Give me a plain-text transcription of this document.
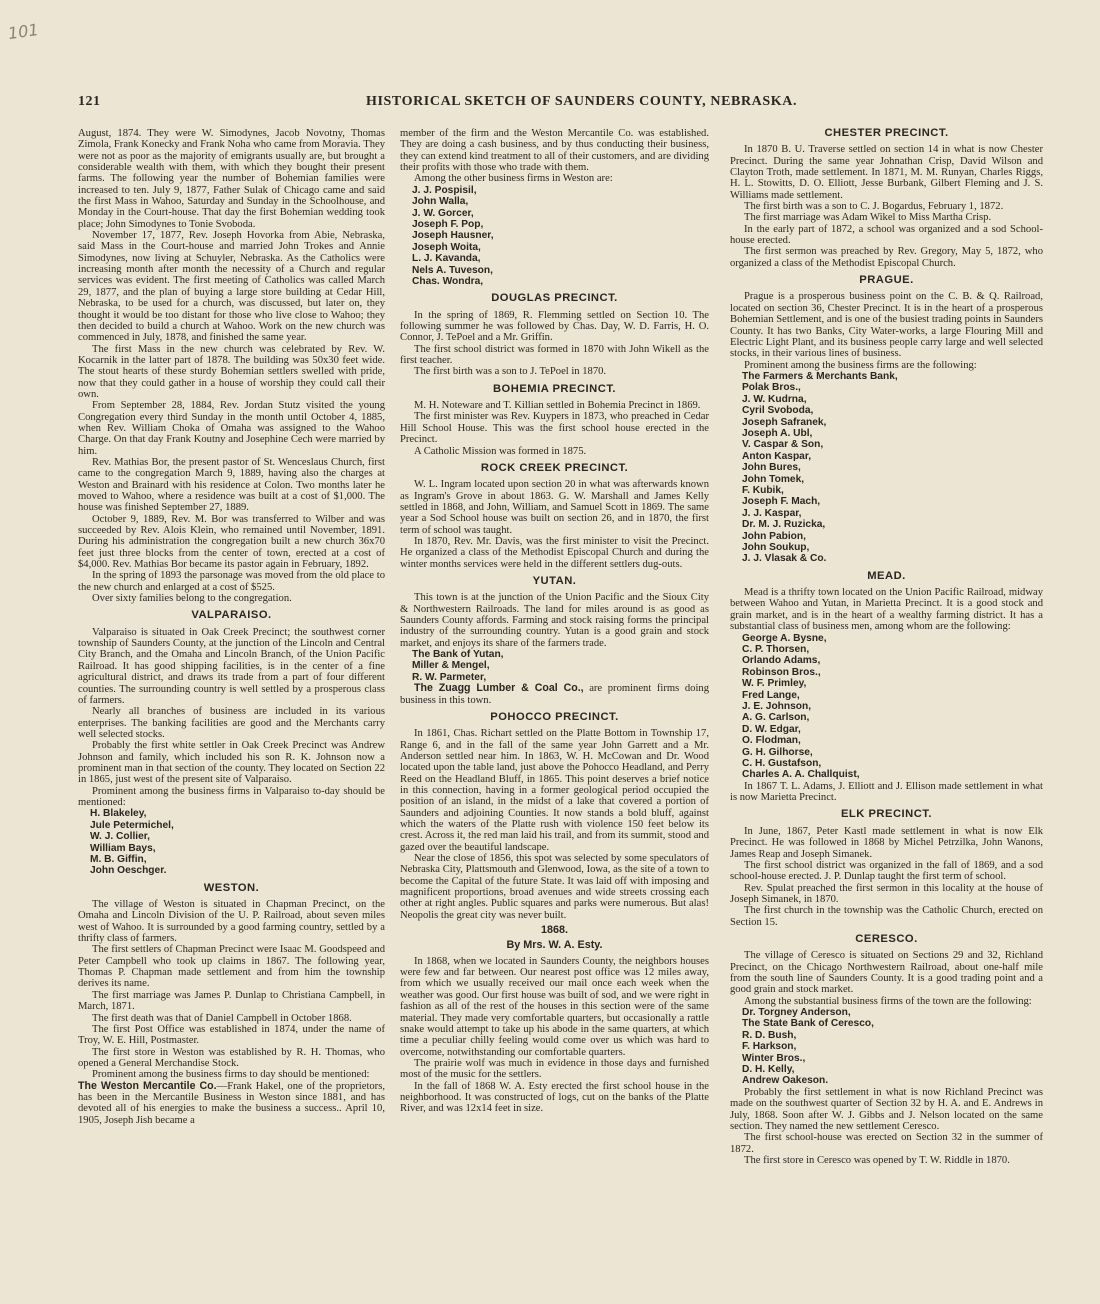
101
121	HISTORICAL SKETCH OF SAUNDERS COUNTY, NEBRASKA.

August, 1874. They were W. Simodynes, Jacob Novotny, Thomas Zimola, Frank Konecky and Frank Noha who came from Moravia. They were not as poor as the majority of emigrants usually are, but brought a considerable wealth with them, with which they bought their present farms. The following year the number of Bohemian families were increased to ten. July 9, 1877, Father Sulak of Chicago came and said the first Mass in Wahoo, Saturday and Sunday in the Schoolhouse, and Monday in the Court-house. That day the first Bohemian wedding took place; John Simodynes to Tonie Svoboda.

November 17, 1877, Rev. Joseph Hovorka from Abie, Nebraska, said Mass in the Court-house and married John Trokes and Annie Simodynes, now living at Schuyler, Nebraska. As the Catholics were increasing month after month the necessity of a Church and regular services was evident. The first meeting of Catholics was called March 29, 1877, and the plan of buying a large store building at Cedar Hill, Nebraska, to be used for a church, was discussed, but later on, they thought it would be too distant for those who live close to Wahoo; they then decided to build a church at Wahoo. Work on the new church was commenced in July, 1878, and finished the same year.

The first Mass in the new church was celebrated by Rev. W. Kocarnik in the latter part of 1878. The building was 50x30 feet wide. The stout hearts of these sturdy Bohemian settlers swelled with pride, now that they could gather in a house of worship they could call their own.

From September 28, 1884, Rev. Jordan Stutz visited the young Congregation every third Sunday in the month until October 4, 1885, when Rev. William Choka of Omaha was assigned to the Wahoo Charge. On that day Frank Koutny and Josephine Cech were married by him.

Rev. Mathias Bor, the present pastor of St. Wenceslaus Church, first came to the congregation March 9, 1889, having also the charges at Weston and Brainard with his residence at Colon. Two months later he moved to Wahoo, where a residence was built at a cost of $1,000. The house was finished September 27, 1889.

October 9, 1889, Rev. M. Bor was transferred to Wilber and was succeeded by Rev. Alois Klein, who remained until November, 1891. During his administration the congregation built a new church 36x70 feet just three blocks from the center of town, erected at a cost of $4,000. Rev. Mathias Bor became its pastor again in February, 1892.

In the spring of 1893 the parsonage was moved from the old place to the new church and enlarged at a cost of $525.

Over sixty families belong to the congregation.

VALPARAISO.

Valparaiso is situated in Oak Creek Precinct; the southwest corner township of Saunders County, at the junction of the Lincoln and Central City Branch, and the Omaha and Lincoln Branch, of the Union Pacific Railroad. It has good shipping facilities, is in the center of a fine agricultural district, and draws its trade from a part of four different counties. The surrounding country is well settled by a prosperous class of farmers.

Nearly all branches of business are included in its various enterprises. The banking facilities are good and the Merchants carry well selected stocks.

Probably the first white settler in Oak Creek Precinct was Andrew Johnson and family, which included his son R. K. Johnson now a prominent man in that section of the county. They located on Section 22 in 1865, just west of the present site of Valparaiso.

Prominent among the business firms in Valparaiso to-day should be mentioned:

H. Blakeley,
Jule Petermichel,
W. J. Collier,
William Bays,
M. B. Giffin,
John Oeschger.
WESTON.

The village of Weston is situated in Chapman Precinct, on the Omaha and Lincoln Division of the U. P. Railroad, about seven miles west of Wahoo. It is surrounded by a good farming country, settled by a thrifty class of farmers.

The first settlers of Chapman Precinct were Isaac M. Goodspeed and Peter Campbell who took up claims in 1867. The following year, Thomas P. Chapman made settlement and from him the township derives its name.

The first marriage was James P. Dunlap to Christiana Campbell, in March, 1871.

The first death was that of Daniel Campbell in October 1868.

The first Post Office was established in 1874, under the name of Troy, W. E. Hill, Postmaster.

The first store in Weston was established by R. H. Thomas, who opened a General Merchandise Stock.

Prominent among the business firms to day should be mentioned:

The Weston Mercantile Co.—Frank Hakel, one of the proprietors, has been in the Mercantile Business in Weston since 1881, and has devoted all of his energies to make the business a success.. April 10, 1905, Joseph Jish became a

member of the firm and the Weston Mercantile Co. was established. They are doing a cash business, and by thus conducting their business, they can extend kind treatment to all of their customers, and are dividing their profits with those who trade with them.

Among the other business firms in Weston are:

J. J. Pospisil,
John Walla,
J. W. Gorcer,
Joseph F. Pop,
Joseph Hausner,
Joseph Woita,
L. J. Kavanda,
Nels A. Tuveson,
Chas. Wondra,
DOUGLAS PRECINCT.

In the spring of 1869, R. Flemming settled on Section 10. The following summer he was followed by Chas. Day, W. D. Farris, H. O. Connor, J. TePoel and a Mr. Griffin.

The first school district was formed in 1870 with John Wikell as the first teacher.

The first birth was a son to J. TePoel in 1870.

BOHEMIA PRECINCT.

M. H. Noteware and T. Killian settled in Bohemia Precinct in 1869.

The first minister was Rev. Kuypers in 1873, who preached in Cedar Hill School House. This was the first school house erected in the Precinct.

A Catholic Mission was formed in 1875.

ROCK CREEK PRECINCT.

W. L. Ingram located upon section 20 in what was afterwards known as Ingram's Grove in about 1863. G. W. Marshall and James Kelly settled in 1868, and John, William, and Samuel Scott in 1869. The same year a Sod School house was built on section 26, and in 1870, the first term of school was taught.

In 1870, Rev. Mr. Davis, was the first minister to visit the Precinct. He organized a class of the Methodist Episcopal Church and during the winter months services were held in the different settlers dug-outs.

YUTAN.

This town is at the junction of the Union Pacific and the Sioux City & Northwestern Railroads. The land for miles around is as good as Saunders County affords. Farming and stock raising forms the principal industry of the surrounding country. Yutan is a good grain and stock market, and enjoys its share of the farmers trade.

The Bank of Yutan,
Miller & Mengel,
R. W. Parmeter,

The Zuagg Lumber & Coal Co., are prominent firms doing business in this town.

POHOCCO PRECINCT.

In 1861, Chas. Richart settled on the Platte Bottom in Township 17, Range 6, and in the fall of the same year John Garrett and a Mr. Anderson settled near him. In 1863, W. H. McCowan and Dr. Wood located upon the table land, just above the Pohocco Headland, and Perry Reed on the Headland Bluff, in 1865. This point deserves a brief notice in this connection, having in a former geological period occupied the position of an island, in the midst of a lake that covered a portion of Saunders and adjoining Counties. It now stands a bold bluff, against which the waters of the Platte rush with violence 150 feet below its crest. Across it, the red man laid his trail, and from its summit, stood and gazed over the beautiful landscape.

Near the close of 1856, this spot was selected by some speculators of Nebraska City, Plattsmouth and Glenwood, Iowa, as the site of a town to become the Capital of the future State. It was laid off with imposing and magnificent proportions, broad avenues and wide streets crossing each other at right angles. Public squares and parks were numerous. But alas! Neopolis the great city was never built.

1868.
By Mrs. W. A. Esty.

In 1868, when we located in Saunders County, the neighbors houses were few and far between. Our nearest post office was 12 miles away, from which we usually received our mail once each week when the weather was good. Our first house was built of sod, and we were right in fashion as all of the rest of the houses in this section were of the same material. They made very comfortable quarters, but occasionally a rattle snake would attempt to take up his abode in the same quarters, at which time a peculiar chilly feeling would come over us which was hard to overcome, notwithstanding our comfortable quarters.

The prairie wolf was much in evidence in those days and furnished most of the music for the settlers.

In the fall of 1868 W. A. Esty erected the first school house in the neighborhood. It was constructed of logs, cut on the banks of the Platte River, and was 12x14 feet in size.

CHESTER PRECINCT.

In 1870 B. U. Traverse settled on section 14 in what is now Chester Precinct. During the same year Johnathan Crisp, David Wilson and Clayton Troth, made settlement. In 1871, M. M. Runyan, Charles Riggs, H. L. Stowitts, D. O. Elliott, Jesse Burbank, Gilbert Fleming and J. S. Williams made settlement.

The first birth was a son to C. J. Bogardus, February 1, 1872.

The first marriage was Adam Wikel to Miss Martha Crisp.

In the early part of 1872, a school was organized and a sod School-house erected.

The first sermon was preached by Rev. Gregory, May 5, 1872, who organized a class of the Methodist Episcopal Church.

PRAGUE.

Prague is a prosperous business point on the C. B. & Q. Railroad, located on section 36, Chester Precinct. It is in the heart of a prosperous Bohemian Settlement, and is one of the busiest trading points in Saunders County. It has two Banks, City Water-works, a large Flouring Mill and Electric Light Plant, and its business people carry large and well selected stocks, in their various lines of business.

Prominent among the business firms are the following:

The Farmers & Merchants Bank,
Polak Bros.,
J. W. Kudrna,
Cyril Svoboda,
Joseph Safranek,
Joseph A. Ubl,
V. Caspar & Son,
Anton Kaspar,
John Bures,
John Tomek,
F. Kubik,
Joseph F. Mach,
J. J. Kaspar,
Dr. M. J. Ruzicka,
John Pabion,
John Soukup,
J. J. Vlasak & Co.
MEAD.

Mead is a thrifty town located on the Union Pacific Railroad, midway between Wahoo and Yutan, in Marietta Precinct. It is a good stock and grain market, and is in the heart of a wealthy farming district. It has a substantial class of business men, among whom are the following:

George A. Bysne,
C. P. Thorsen,
Orlando Adams,
Robinson Bros.,
W. F. Primley,
Fred Lange,
J. E. Johnson,
A. G. Carlson,
D. W. Edgar,
O. Flodman,
G. H. Gilhorse,
C. H. Gustafson,
Charles A. A. Challquist,

In 1867 T. L. Adams, J. Elliott and J. Ellison made settlement in what is now Marietta Precinct.

ELK PRECINCT.

In June, 1867, Peter Kastl made settlement in what is now Elk Precinct. He was followed in 1868 by Michel Petrzilka, John Wanons, James Reap and Joseph Simanek.

The first school district was organized in the fall of 1869, and a sod school-house erected. J. P. Dunlap taught the first term of school.

Rev. Spulat preached the first sermon in this locality at the house of Joseph Simanek, in 1870.

The first church in the township was the Catholic Church, erected on Section 15.

CERESCO.

The village of Ceresco is situated on Sections 29 and 32, Richland Precinct, on the Chicago Northwestern Railroad, about one-half mile from the south line of Saunders County. It is a good trading point and a good grain and stock market.

Among the substantial business firms of the town are the following:

Dr. Torgney Anderson,
The State Bank of Ceresco,
R. D. Bush,
F. Harkson,
Winter Bros.,
D. H. Kelly,
Andrew Oakeson.

Probably the first settlement in what is now Richland Precinct was made on the southwest quarter of Section 32 by H. A. and E. Andrews in July, 1868. Soon after W. J. Gibbs and J. Nelson located on the same section. They named the new settlement Ceresco.

The first school-house was erected on Section 32 in the summer of 1872.

The first store in Ceresco was opened by T. W. Riddle in 1870.
